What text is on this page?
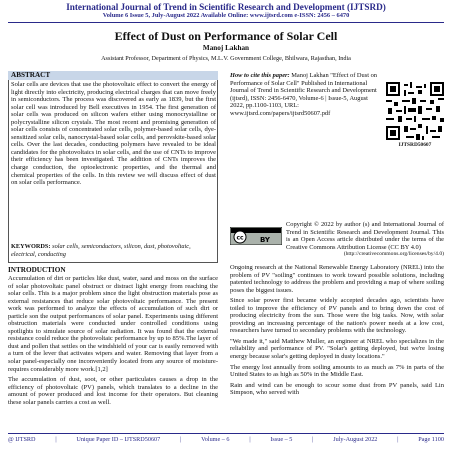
International Journal of Trend in Scientific Research and Development (IJTSRD)
Volume 6 Issue 5, July-August 2022 Available Online: www.ijtsrd.com e-ISSN: 2456 – 6470
Effect of Dust on Performance of Solar Cell
Manoj Lakhan
Assistant Professor, Department of Physics, M.L.V. Government College, Bhilwara, Rajasthan, India
ABSTRACT
Solar cells are devices that use the photovoltaic effect to convert the energy of light directly into electricity, producing electrical charges that can move freely in semiconductors. The process was discovered as early as 1839, but the first solar cell was introduced by Bell executives in 1954. The first generation of solar cells was produced on silicon wafers either using monocrystalline or polycrystalline silicon crystals. The most recent and promising generation of solar cells consists of concentrated solar cells, polymer-based solar cells, dye-sensitized solar cells, nanocrystal-based solar cells, and perovskite-based solar cells. Over the last decades, conducting polymers have revealed to be ideal candidates for the photovoltaics in solar cells, and the use of CNTs to improve their efficiency has been investigated. The addition of CNTs improves the charge conduction, the optoelectronic properties, and the thermal and chemical properties of the cells. In this review we will discuss effect of dust on solar cells performance.
KEYWORDS: solar cells, semiconductors, silicon, dust, photovoltaic, electrical, conducting
INTRODUCTION

Accumulation of dirt or particles like dust, water, sand and moss on the surface of solar photovoltaic panel obstruct or distract light energy from reaching the solar cells. This is a major problem since the light obstruction materials pose as external resistances that reduce solar photovoltaic performance. The present work was performed to analyze the effects of accumulation of such dirt or particle son the output performances of solar panel. Experiments using different obstruction materials were conducted under controlled conditions using spotlights to simulate source of solar radiation. It was found that the external resistance could reduce the photovoltaic performance by up to 85%.The layer of dust and pollen that settles on the windshield of your car is easily removed with a turn of the lever that activates wipers and water. Removing that layer from a solar panel-especially one inconveniently located from any source of moisture-requires considerably more work.[1,2]

The accumulation of dust, soot, or other particulates causes a drop in the efficiency of photovoltaic (PV) panels, which translates to a decline in the amount of power produced and lost income for their operators. But cleaning these solar panels carries a cost as well.

How to cite this paper: Manoj Lakhan "Effect of Dust on Performance of Solar Cell" Published in International Journal of Trend in Scientific Research and Development (ijtsrd), ISSN: 2456-6470, Volume-6 | Issue-5, August 2022, pp.1100-1103, URL: www.ijtsrd.com/papers/ijtsrd50607.pdf
IJTSRD50607
cc BY
Copyright © 2022 by author (s) and International Journal of Trend in Scientific Research and Development Journal. This is an Open Access article distributed under the terms of the Creative Commons Attribution License (CC BY 4.0)
(http://creativecommons.org/licenses/by/4.0)

Ongoing research at the National Renewable Energy Laboratory (NREL) into the problem of PV "soiling" continues to work toward possible solutions, including patented technology to address the problem and providing a map of where soiling poses the biggest issues.

Since solar power first became widely accepted decades ago, scientists have toiled to improve the efficiency of PV panels and to bring down the cost of producing electricity from the sun. Those were the big tasks. Now, with solar providing an increasing percentage of the nation's power needs at a low cost, researchers have turned to secondary problems with the technology.

"We made it," said Matthew Muller, an engineer at NREL who specializes in the reliability and performance of PV. "Solar's getting deployed, but we're losing energy because solar's getting deployed in dusty locations."

The energy lost annually from soiling amounts to as much as 7% in parts of the United States to as high as 50% in the Middle East.

Rain and wind can be enough to scour some dust from PV panels, said Lin Simpson, who served with

@ IJTSRD	|	Unique Paper ID – IJTSRD50607	|	Volume – 6	|	Issue – 5	|	July-August 2022	|	Page 1100
